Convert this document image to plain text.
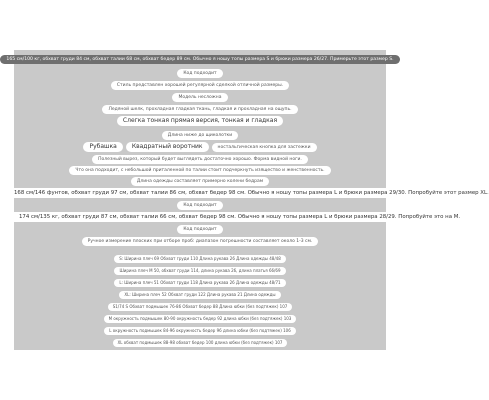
165 см/100 кг, обхват груди 84 см, обхват талии 68 см, обхват бедер 89 см. Обычно я ношу топы размера S и брюки размера 26/27. Примерьте этот размер S.
Код подходит
Стиль представлен хорошей регулярной сделкой отличной размеры.
Модель несложна
Ледяной шелк, прохладная гладкая ткань, гладкая и прохладная на ощупь.
Слегка тонкая прямая версия, тонкая и гладкая
Длина ниже до щиколотки
Рубашка	Квадратный воротник	ностальгическая кнопка для застежки
Полезный вырез, который будет выглядеть достаточно хорошо. Форма видной ноги.
Что она подходит, с небольшой приталенной по талии стоит подчеркнуть изящество и женственность.
Длина одежды составляет примерно колени бедрам
168 см/146 фунтов, обхват груди 97 см, обхват талии 86 см, обхват бедер 98 см. Обычно я ношу топы размера L и брюки размера 29/30. Попробуйте этот размер XL.
Код подходит
174 см/135 кг, обхват груди 87 см, обхват талии 66 см, обхват бедер 98 см. Обычно я ношу топы размера L и брюки размера 28/29. Попробуйте это на M.
Код подходит
Ручное измерение плоских при отборе проб: диапазон погрешности составляет около 1-3 см.
S: Ширина плеч 69 Обхват груди 110 Длина рукава 26 Длина одежды 48/48
Ширина плеч M 50, обхват груди 114, длина рукава 26, длина платья 66/69
L: Ширина плеч 51 Обхват груди 118 Длина рукава 26 Длина одежды 48/71
XL: Ширина плеч 52 Обхват груди 122 Длина рукава 21 Длина одежды
S1/74 S Обхват подмышек 76-86 Обхват бедер 88 Длина юбки (без подтяжек) 107
M окружность подмышек 80-90 окружность бедер 92 длина юбки (без подтяжек) 103
L окружность подмышек 84-96 окружность бедер 96 длина юбки (без подтяжек) 106
XL обхват подмышек 88-98 обхват бедер 100 длина юбки (без подтяжек) 107
